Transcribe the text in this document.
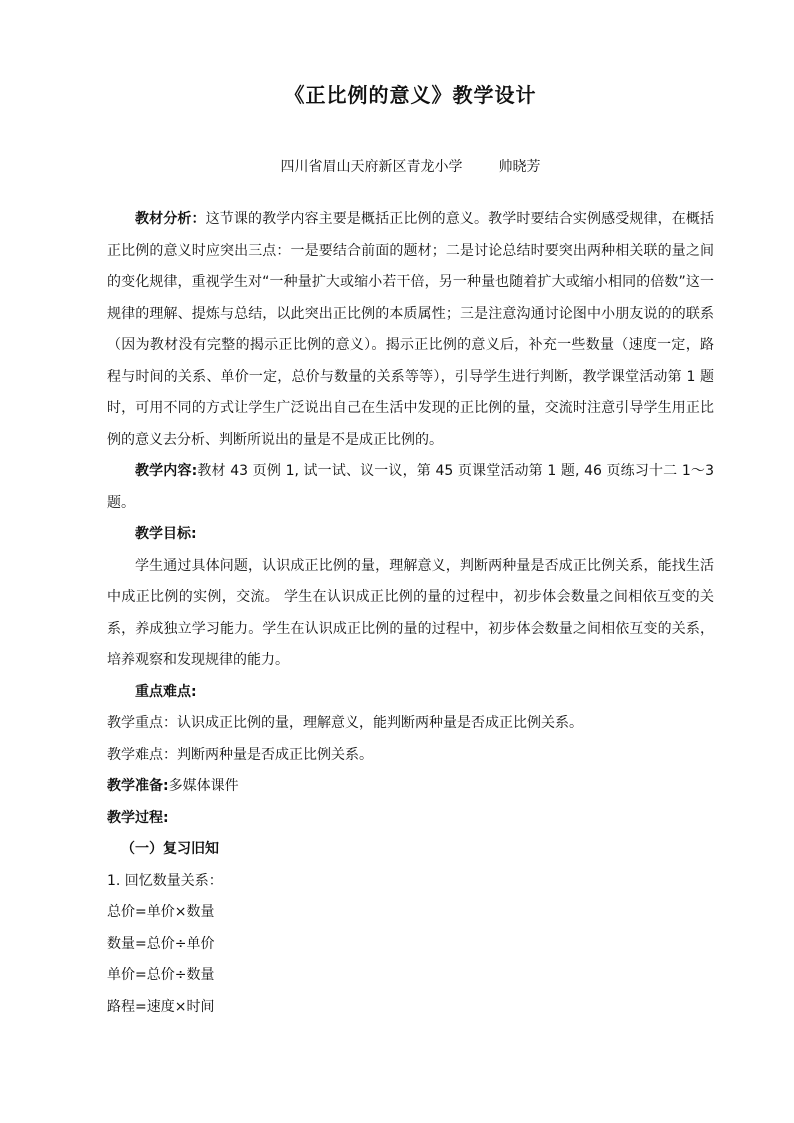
《正比例的意义》教学设计
四川省眉山天府新区青龙小学	帅晓芳

教材分析：这节课的教学内容主要是概括正比例的意义。教学时要结合实例感受规律，在概括正比例的意义时应突出三点：一是要结合前面的题材；二是讨论总结时要突出两种相关联的量之间的变化规律，重视学生对“一种量扩大或缩小若干倍，另一种量也随着扩大或缩小相同的倍数”这一规律的理解、提炼与总结，以此突出正比例的本质属性；三是注意沟通讨论图中小朋友说的的联系（因为教材没有完整的揭示正比例的意义）。揭示正比例的意义后，补充一些数量（速度一定，路程与时间的关系、单价一定，总价与数量的关系等等），引导学生进行判断，教学课堂活动第 1 题时，可用不同的方式让学生广泛说出自己在生活中发现的正比例的量，交流时注意引导学生用正比例的意义去分析、判断所说出的量是不是成正比例的。

教学内容:教材 43 页例 1, 试一试、议一议，第 45 页课堂活动第 1 题, 46 页练习十二 1～3 题。

教学目标:

学生通过具体问题，认识成正比例的量，理解意义，判断两种量是否成正比例关系，能找生活中成正比例的实例，交流。 学生在认识成正比例的量的过程中，初步体会数量之间相依互变的关系，养成独立学习能力。学生在认识成正比例的量的过程中，初步体会数量之间相依互变的关系，培养观察和发现规律的能力。

重点难点:

教学重点：认识成正比例的量，理解意义，能判断两种量是否成正比例关系。

教学难点：判断两种量是否成正比例关系。

教学准备:多媒体课件

教学过程:

（一）复习旧知

1. 回忆数量关系：

总价=单价×数量

数量=总价÷单价

单价=总价÷数量

路程=速度×时间
